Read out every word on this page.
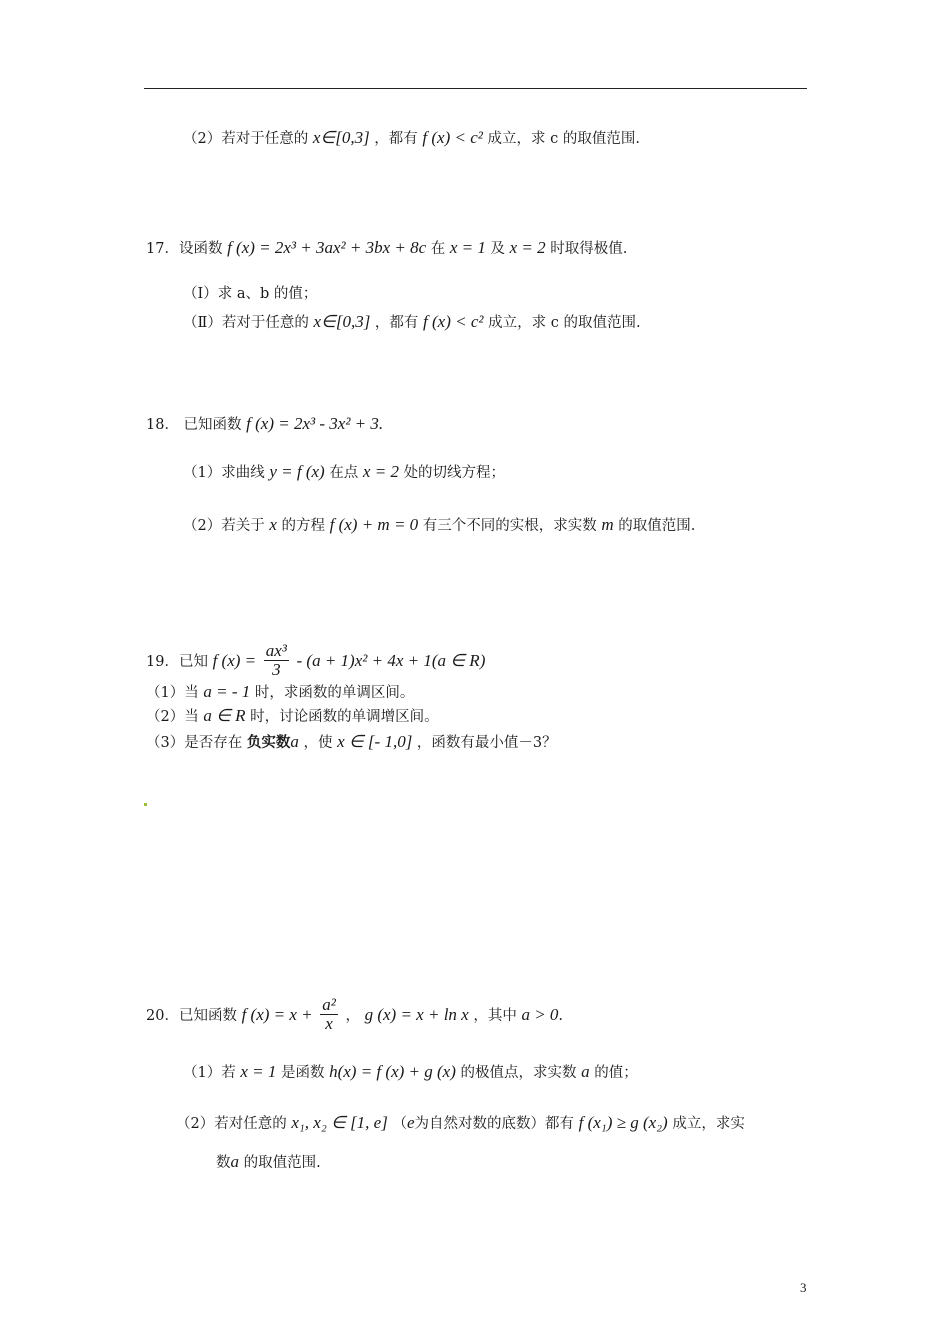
（2）若对于任意的 x∈[0,3] ，都有 f (x) < c² 成立，求 c 的取值范围.
17．设函数 f (x) = 2x³ + 3ax² + 3bx + 8c 在 x = 1 及 x = 2 时取得极值.
（Ⅰ）求 a、b 的值；
（Ⅱ）若对于任意的 x∈[0,3] ，都有 f (x) < c² 成立，求 c 的取值范围.
18． 已知函数 f (x) = 2x³ - 3x² + 3.
（1）求曲线 y = f (x) 在点 x = 2 处的切线方程；
（2）若关于 x 的方程 f (x) + m = 0 有三个不同的实根，求实数 m 的取值范围.
19．已知 f $(x) = \frac{\text{ax³}}{3} - (a + 1)x^2 + 4x + 1(a$ ∈ R)
（1）当 a = - 1 时，求函数的单调区间。
（2）当 a ∈ R 时，讨论函数的单调增区间。
（3）是否存在 负实数a ，使 x ∈ [- 1,0] ，函数有最小值－3？
20．已知函数 f $(x) = x + \frac{\text{a²}}{x}$ ， g (x) = x + ln x ，其中 a > 0.
（1）若 x = 1 是函数 h(x) = f (x) + g (x) 的极值点，求实数 a 的值；
（2）若对任意的 x₁, x₂ ∈ [1, e] （e为自然对数的底数）都有 f (x₁) ≥ g (x₂) 成立，求实
数a 的取值范围.
3
